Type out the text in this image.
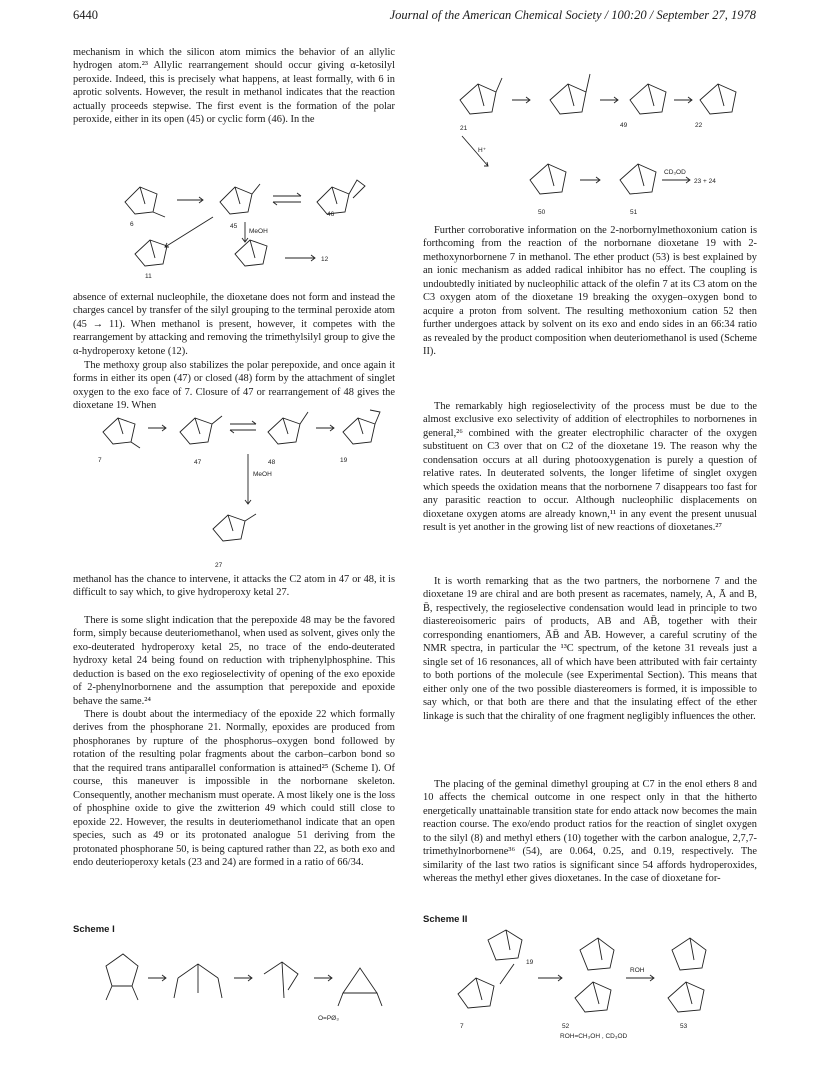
6440	Journal of the American Chemical Society / 100:20 / September 27, 1978

mechanism in which the silicon atom mimics the behavior of an allylic hydrogen atom.²³ Allylic rearrangement should occur giving α-ketosilyl peroxide. Indeed, this is precisely what happens, at least formally, with 6 in aprotic solvents. However, the result in methanol indicates that the reaction actually proceeds stepwise. The first event is the formation of the polar peroxide, either in its open (45) or cyclic form (46). In the

6	45
46
11
12
MeOH

absence of external nucleophile, the dioxetane does not form and instead the charges cancel by transfer of the silyl grouping to the terminal peroxide atom (45 → 11). When methanol is present, however, it competes with the rearrangement by attacking and removing the trimethylsilyl group to give the α-hydroperoxy ketone (12).

The methoxy group also stabilizes the polar perepoxide, and once again it forms in either its open (47) or closed (48) form by the attachment of singlet oxygen to the exo face of 7. Closure of 47 or rearrangement of 48 gives the dioxetane 19. When

7	47	48	19
27
MeOH

methanol has the chance to intervene, it attacks the C2 atom in 47 or 48, it is difficult to say which, to give hydroperoxy ketal 27.

There is some slight indication that the perepoxide 48 may be the favored form, simply because deuteriomethanol, when used as solvent, gives only the exo-deuterated hydroperoxy ketal 25, no trace of the endo-deuterated hydroxy ketal 24 being found on reduction with triphenylphosphine. This deduction is based on the exo regioselectivity of opening of the exo epoxide of 2-phenylnorbornene and the assumption that perepoxide and epoxide behave the same.²⁴

There is doubt about the intermediacy of the epoxide 22 which formally derives from the phosphorane 21. Normally, epoxides are produced from phosphoranes by rupture of the phosphorus–oxygen bond followed by rotation of the resulting polar fragments about the carbon–carbon bond so that the required trans antiparallel conformation is attained²⁵ (Scheme I). Of course, this maneuver is impossible in the norbornane skeleton. Consequently, another mechanism must operate. A most likely one is the loss of phosphine oxide to give the zwitterion 49 which could still close to epoxide 22. However, the results in deuteriomethanol indicate that an open species, such as 49 or its protonated analogue 51 deriving from the protonated phosphorane 50, is being captured rather than 22, as both exo and endo deuterioperoxy ketals (23 and 24) are formed in a ratio of 66/34.

Scheme I
O=PØ₃
21	49	22
50	51
23 + 24
H⁺
CD₃OD

Further corroborative information on the 2-norbornylmethoxonium cation is forthcoming from the reaction of the norbornane dioxetane 19 with 2-methoxynorbornene 7 in methanol. The ether product (53) is best explained by an ionic mechanism as added radical inhibitor has no effect. The coupling is undoubtedly initiated by nucleophilic attack of the olefin 7 at its C3 atom on the C3 oxygen atom of the dioxetane 19 breaking the oxygen–oxygen bond to acquire a proton from solvent. The resulting methoxonium cation 52 then further undergoes attack by solvent on its exo and endo sides in an 66:34 ratio as revealed by the product composition when deuteriomethanol is used (Scheme II).

The remarkably high regioselectivity of the process must be due to the almost exclusive exo selectivity of addition of electrophiles to norbornenes in general,²⁶ combined with the greater electrophilic character of the oxygen substituent on C3 over that on C2 of the dioxetane 19. The reason why the condensation occurs at all during photooxygenation is purely a question of relative rates. In deuterated solvents, the longer lifetime of singlet oxygen which speeds the oxidation means that the norbornene 7 disappears too fast for any parasitic reaction to occur. Although nucleophilic displacements on dioxetane oxygen atoms are already known,¹¹ in any event the present unusual result is yet another in the growing list of new reactions of dioxetanes.²⁷

It is worth remarking that as the two partners, the norbornene 7 and the dioxetane 19 are chiral and are both present as racemates, namely, A, Ā and B, B̄, respectively, the regioselective condensation would lead in principle to two diastereoisomeric pairs of products, AB and AB̄, together with their corresponding enantiomers, ĀB̄ and ĀB. However, a careful scrutiny of the NMR spectra, in particular the ¹³C spectrum, of the ketone 31 reveals just a single set of 16 resonances, all of which have been attributed with fair certainty to both portions of the molecule (see Experimental Section). This means that either only one of the two possible diastereomers is formed, it is impossible to say which, or that both are there and that the insulating effect of the ether linkage is such that the chirality of one fragment negligibly influences the other.

The placing of the geminal dimethyl grouping at C7 in the enol ethers 8 and 10 affects the chemical outcome in one respect only in that the hitherto energetically unattainable transition state for endo attack now becomes the main reaction course. The exo/endo product ratios for the reaction of singlet oxygen to the silyl (8) and methyl ethers (10) together with the carbon analogue, 2,7,7-trimethylnorbornene³⁶ (54), are 0.064, 0.25, and 0.19, respectively. The similarity of the last two ratios is significant since 54 affords hydroperoxides, whereas the methyl ether gives dioxetanes. In the case of dioxetane for-

Scheme II
7	52	53
19
ROH
ROH=CH₃OH , CD₃OD
